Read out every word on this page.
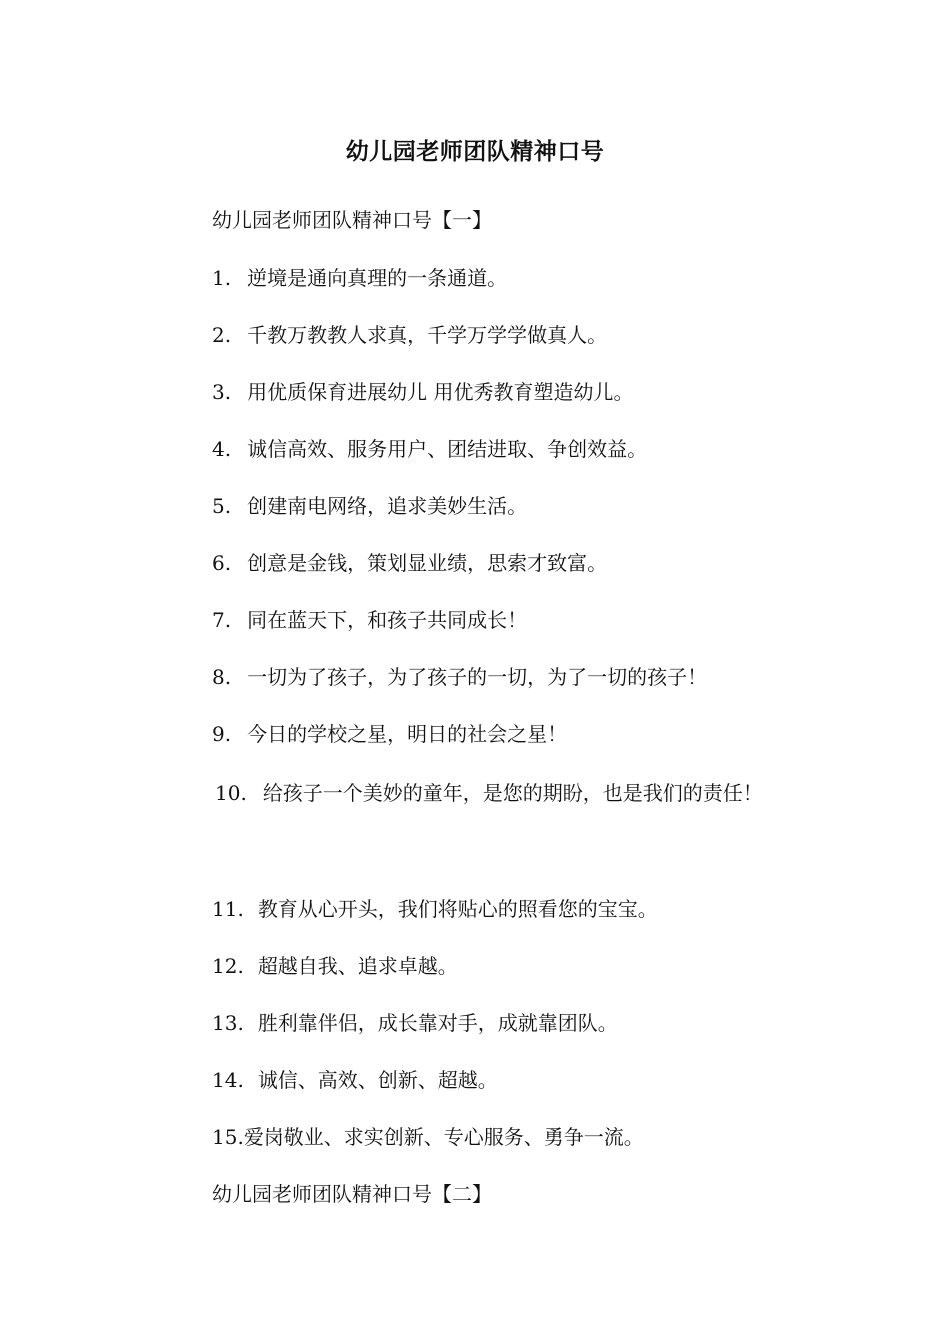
幼儿园老师团队精神口号
幼儿园老师团队精神口号【一】
1. 逆境是通向真理的一条通道。
2. 千教万教教人求真，千学万学学做真人。
3. 用优质保育进展幼儿 用优秀教育塑造幼儿。
4. 诚信高效、服务用户、团结进取、争创效益。
5. 创建南电网络，追求美妙生活。
6. 创意是金钱，策划显业绩，思索才致富。
7. 同在蓝天下，和孩子共同成长！
8. 一切为了孩子，为了孩子的一切，为了一切的孩子！
9. 今日的学校之星，明日的社会之星！
10. 给孩子一个美妙的童年，是您的期盼，也是我们的责任！
11. 教育从心开头，我们将贴心的照看您的宝宝。
12. 超越自我、追求卓越。
13. 胜利靠伴侣，成长靠对手，成就靠团队。
14. 诚信、高效、创新、超越。
15.爱岗敬业、求实创新、专心服务、勇争一流。
幼儿园老师团队精神口号【二】
